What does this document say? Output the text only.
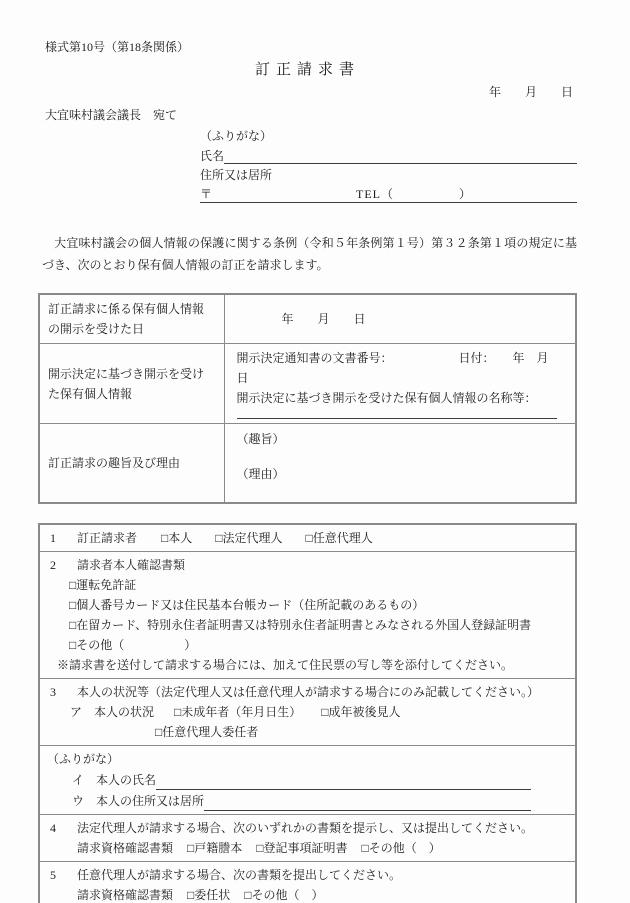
様式第10号（第18条関係）
訂正請求書
年　　月　　日
大宜味村議会議長　宛て
（ふりがな）
氏名
住所又は居所
〒	TEL（　　　　　）

　大宜味村議会の個人情報の保護に関する条例（令和５年条例第１号）第３２条第１項の規定に基づき、次のとおり保有個人情報の訂正を請求します。

訂正請求に係る保有個人情報の開示を受けた日	年　　月　　日

開示決定に基づき開示を受けた保有個人情報	開示決定通知書の文書番号：　　　　　　日付：　　年　月　日
開示決定に基づき開示を受けた保有個人情報の名称等：

訂正請求の趣旨及び理由	（趣旨）
（理由）
1 訂正請求者 □本人 □法定代理人 □任意代理人

2 請求者本人確認書類
□運転免許証
□個人番号カード又は住民基本台帳カード（住所記載のあるもの）
□在留カード、特別永住者証明書又は特別永住者証明書とみなされる外国人登録証明書
□その他（　　　　　）
※請求書を送付して請求する場合には、加えて住民票の写し等を添付してください。

3 本人の状況等（法定代理人又は任意代理人が請求する場合にのみ記載してください。）
ア　本人の状況 □未成年者（年月日生） □成年被後見人
□任意代理人委任者

（ふりがな）
イ　本人の氏名
ウ　本人の住所又は居所

4 法定代理人が請求する場合、次のいずれかの書類を提示し、又は提出してください。
請求資格確認書類 □戸籍謄本 □登記事項証明書 □その他（　）

5 任意代理人が請求する場合、次の書類を提出してください。
請求資格確認書類 □委任状 □その他（　）
